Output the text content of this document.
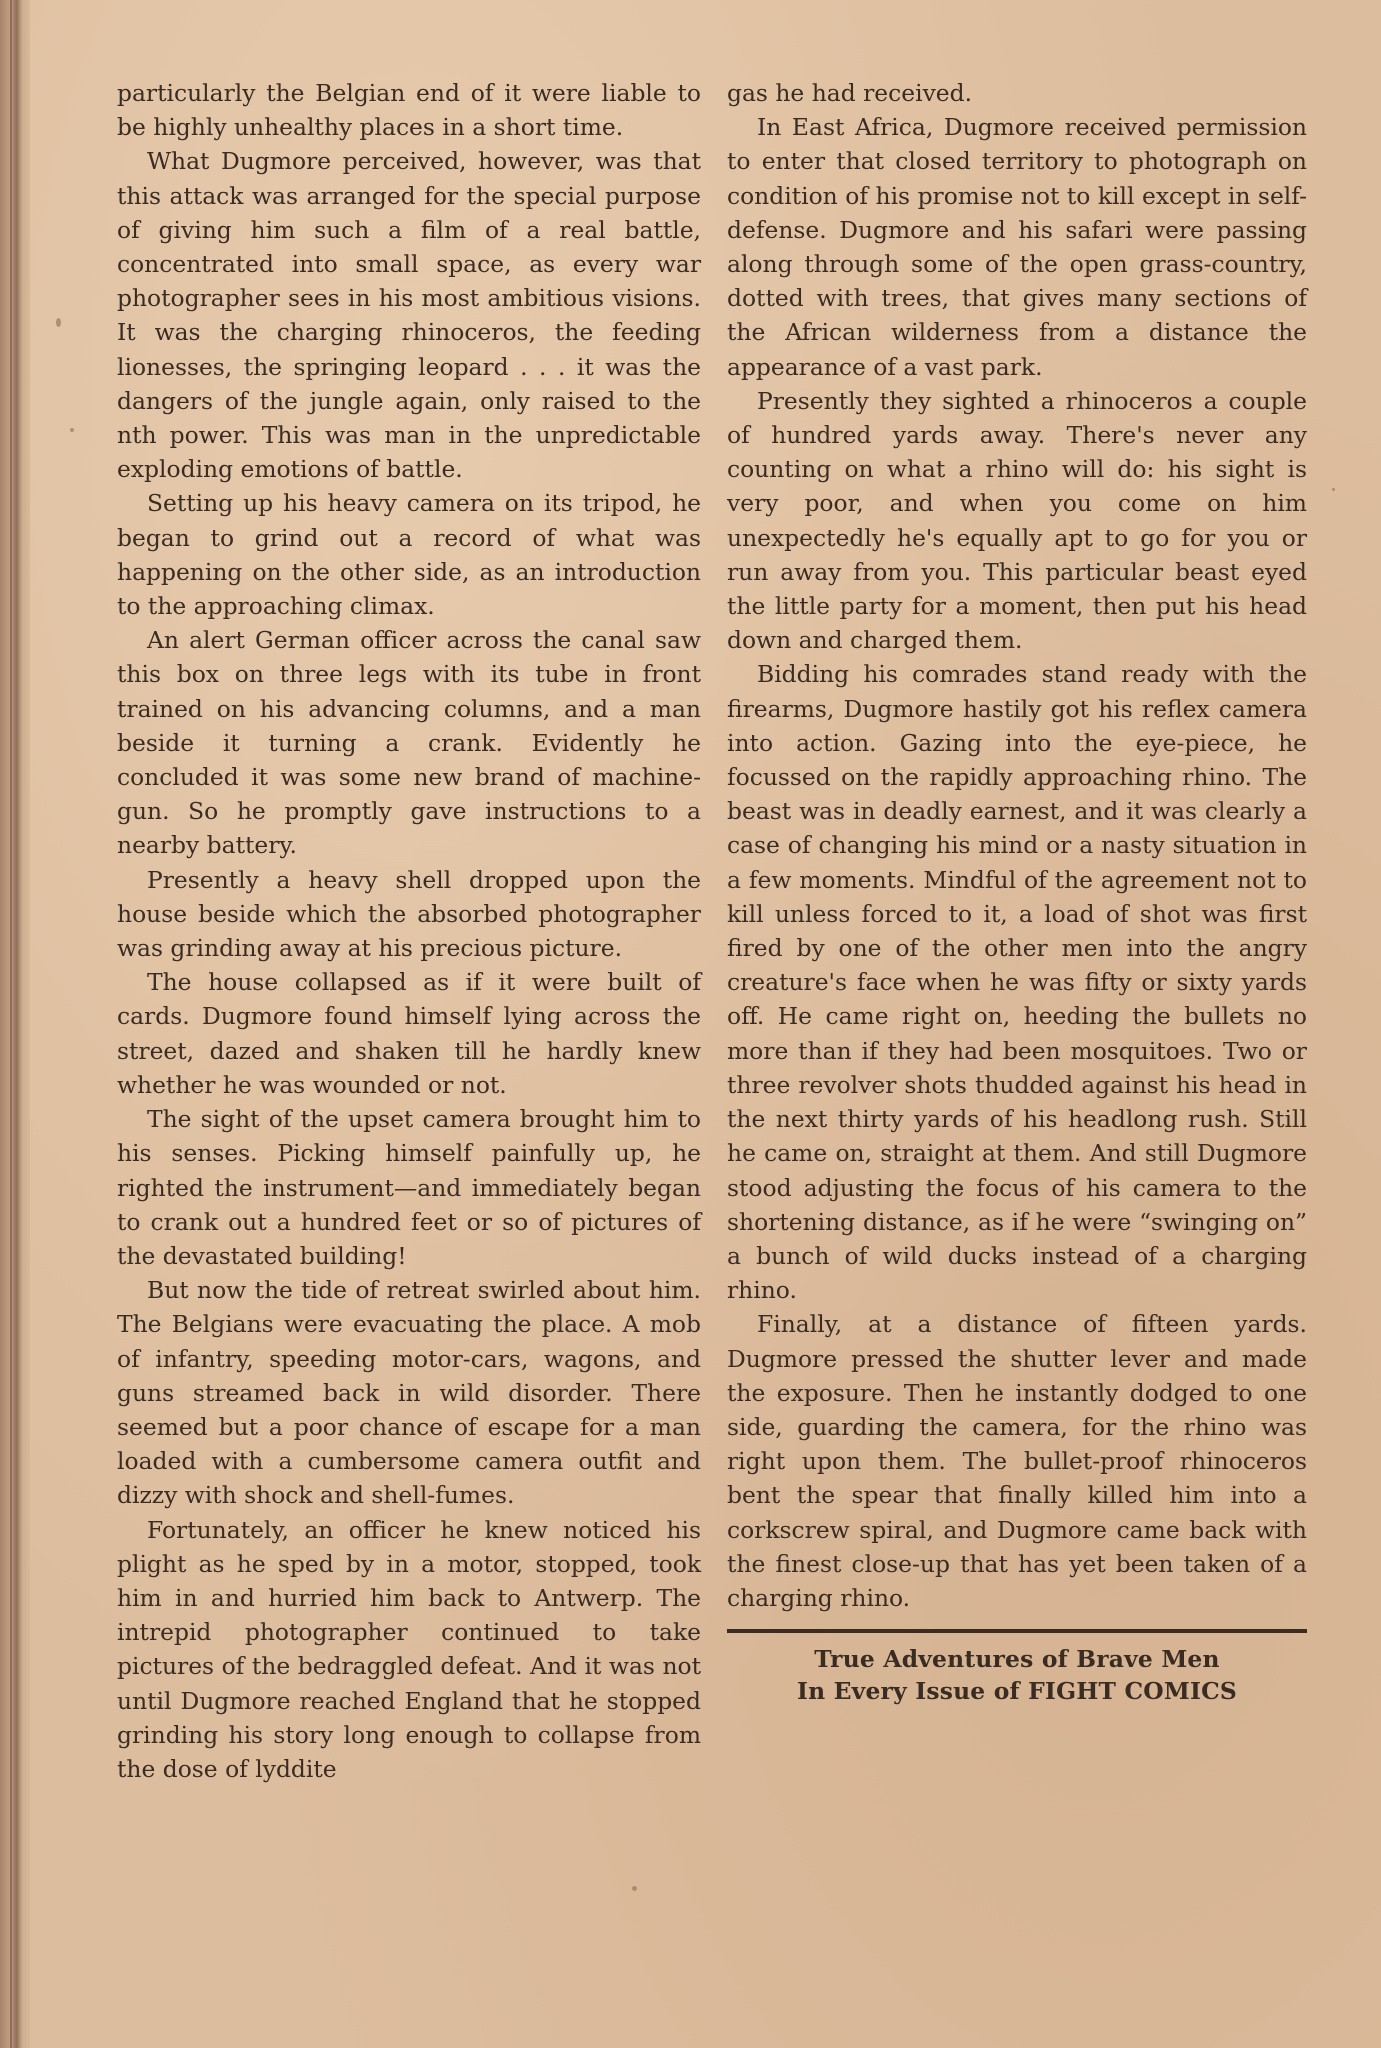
particularly the Belgian end of it were liable to be highly unhealthy places in a short time.

What Dugmore perceived, however, was that this attack was arranged for the special purpose of giving him such a film of a real battle, concentrated into small space, as every war photographer sees in his most ambitious visions. It was the charging rhinoceros, the feeding lionesses, the springing leopard . . . it was the dangers of the jungle again, only raised to the nth power. This was man in the unpredictable exploding emotions of battle.

Setting up his heavy camera on its tripod, he began to grind out a record of what was happening on the other side, as an introduction to the approaching climax.

An alert German officer across the canal saw this box on three legs with its tube in front trained on his advancing columns, and a man beside it turning a crank. Evidently he concluded it was some new brand of machine-gun. So he promptly gave instructions to a nearby battery.

Presently a heavy shell dropped upon the house beside which the absorbed photographer was grinding away at his precious picture.

The house collapsed as if it were built of cards. Dugmore found himself lying across the street, dazed and shaken till he hardly knew whether he was wounded or not.

The sight of the upset camera brought him to his senses. Picking himself painfully up, he righted the instrument—and immediately began to crank out a hundred feet or so of pictures of the devastated building!

But now the tide of retreat swirled about him. The Belgians were evacuating the place. A mob of infantry, speeding motor-cars, wagons, and guns streamed back in wild disorder. There seemed but a poor chance of escape for a man loaded with a cumbersome camera outfit and dizzy with shock and shell-fumes.

Fortunately, an officer he knew noticed his plight as he sped by in a motor, stopped, took him in and hurried him back to Antwerp. The intrepid photographer continued to take pictures of the bedraggled defeat. And it was not until Dugmore reached England that he stopped grinding his story long enough to collapse from the dose of lyddite

gas he had received.

In East Africa, Dugmore received permission to enter that closed territory to photograph on condition of his promise not to kill except in self-defense. Dugmore and his safari were passing along through some of the open grass-country, dotted with trees, that gives many sections of the African wilderness from a distance the appearance of a vast park.

Presently they sighted a rhinoceros a couple of hundred yards away. There's never any counting on what a rhino will do: his sight is very poor, and when you come on him unexpectedly he's equally apt to go for you or run away from you. This particular beast eyed the little party for a moment, then put his head down and charged them.

Bidding his comrades stand ready with the firearms, Dugmore hastily got his reflex camera into action. Gazing into the eye-piece, he focussed on the rapidly approaching rhino. The beast was in deadly earnest, and it was clearly a case of changing his mind or a nasty situation in a few moments. Mindful of the agreement not to kill unless forced to it, a load of shot was first fired by one of the other men into the angry creature's face when he was fifty or sixty yards off. He came right on, heeding the bullets no more than if they had been mosquitoes. Two or three revolver shots thudded against his head in the next thirty yards of his headlong rush. Still he came on, straight at them. And still Dugmore stood adjusting the focus of his camera to the shortening distance, as if he were “swinging on” a bunch of wild ducks instead of a charging rhino.

Finally, at a distance of fifteen yards. Dugmore pressed the shutter lever and made the exposure. Then he instantly dodged to one side, guarding the camera, for the rhino was right upon them. The bullet-proof rhinoceros bent the spear that finally killed him into a corkscrew spiral, and Dugmore came back with the finest close-up that has yet been taken of a charging rhino.

True Adventures of Brave Men
In Every Issue of FIGHT COMICS
